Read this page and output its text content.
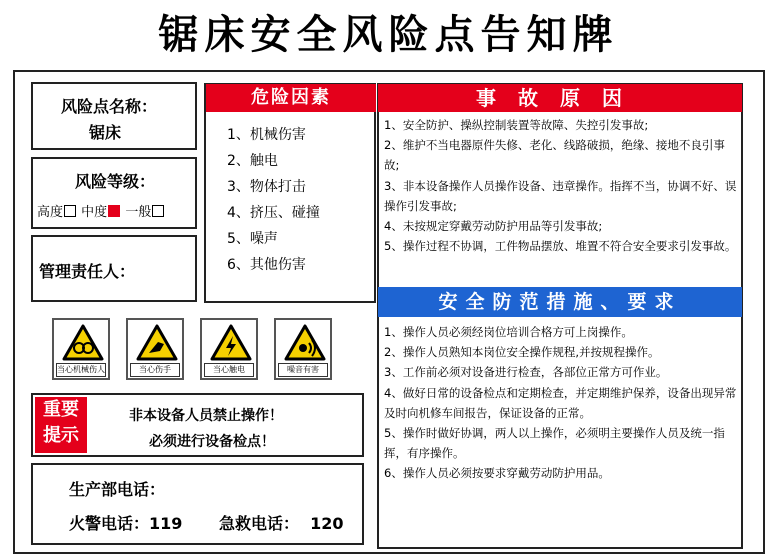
锯床安全风险点告知牌
风险点名称：
锯床
风险等级：
高度 中度 一般
管理责任人：
危险因素
1、机械伤害
2、触电
3、物体打击
4、挤压、碰撞
5、噪声
6、其他伤害
事故原因
1、安全防护、操纵控制装置等故障、失控引发事故;
2、维护不当电器原件失修、老化、线路破损，绝缘、接地不良引事故;
3、非本设备操作人员操作设备、违章操作。指挥不当，协调不好、误操作引发事故;
4、未按规定穿戴劳动防护用品等引发事故;
5、操作过程不协调，工件物品摆放、堆置不符合安全要求引发事故。
安全防范措施、要求
1、操作人员必须经岗位培训合格方可上岗操作。
2、操作人员熟知本岗位安全操作规程,并按规程操作。
3、工作前必须对设备进行检查，各部位正常方可作业。
4、做好日常的设备检点和定期检查，并定期维护保养，设备出现异常及时向机修车间报告，保证设备的正常。
5、操作时做好协调，两人以上操作，必须明主要操作人员及统一指挥，有序操作。
6、操作人员必须按要求穿戴劳动防护用品。
当心机械伤人	当心伤手	当心触电	噪音有害
重要
提示
非本设备人员禁止操作！
必须进行设备检点！
生产部电话：
火警电话：119 急救电话： 120
